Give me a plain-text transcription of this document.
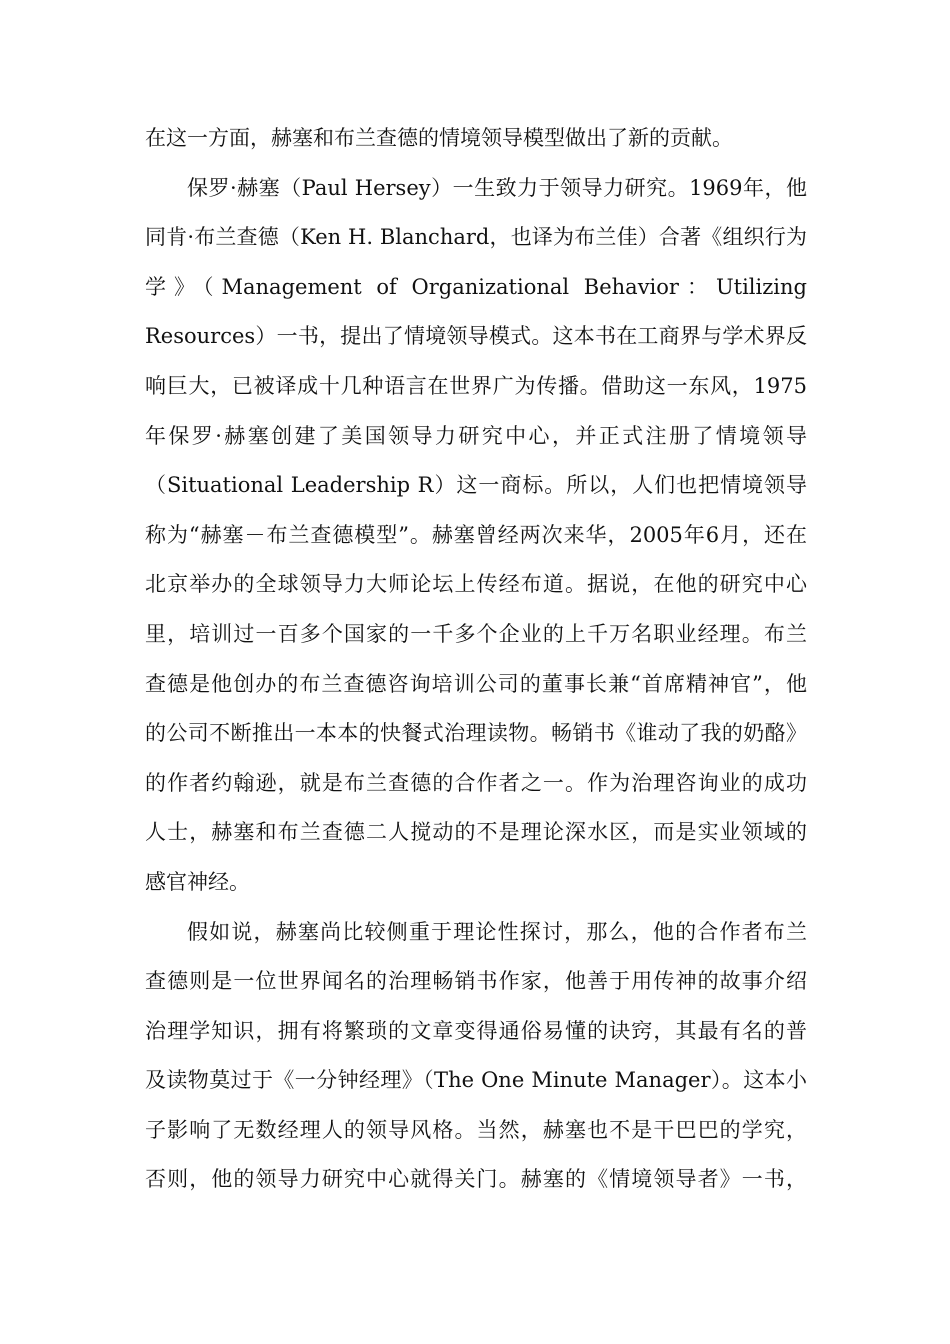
在这一方面，赫塞和布兰查德的情境领导模型做出了新的贡献。
保罗·赫塞（Paul Hersey）一生致力于领导力研究。1969年，他
同肯·布兰查德（Ken H. Blanchard，也译为布兰佳）合著《组织行为
学》（Management of Organizational Behavior：Utilizing
Resources）一书，提出了情境领导模式。这本书在工商界与学术界反
响巨大，已被译成十几种语言在世界广为传播。借助这一东风，1975
年保罗·赫塞创建了美国领导力研究中心，并正式注册了情境领导
（Situational Leadership R）这一商标。所以，人们也把情境领导
称为“赫塞－布兰查德模型”。赫塞曾经两次来华，2005年6月，还在
北京举办的全球领导力大师论坛上传经布道。据说，在他的研究中心
里，培训过一百多个国家的一千多个企业的上千万名职业经理。布兰
查德是他创办的布兰查德咨询培训公司的董事长兼“首席精神官”，他
的公司不断推出一本本的快餐式治理读物。畅销书《谁动了我的奶酪》
的作者约翰逊，就是布兰查德的合作者之一。作为治理咨询业的成功
人士，赫塞和布兰查德二人搅动的不是理论深水区，而是实业领域的
感官神经。
假如说，赫塞尚比较侧重于理论性探讨，那么，他的合作者布兰
查德则是一位世界闻名的治理畅销书作家，他善于用传神的故事介绍
治理学知识，拥有将繁琐的文章变得通俗易懂的诀窍，其最有名的普
及读物莫过于《一分钟经理》（The One Minute Manager）。这本小
子影响了无数经理人的领导风格。当然，赫塞也不是干巴巴的学究，
否则，他的领导力研究中心就得关门。赫塞的《情境领导者》一书，
